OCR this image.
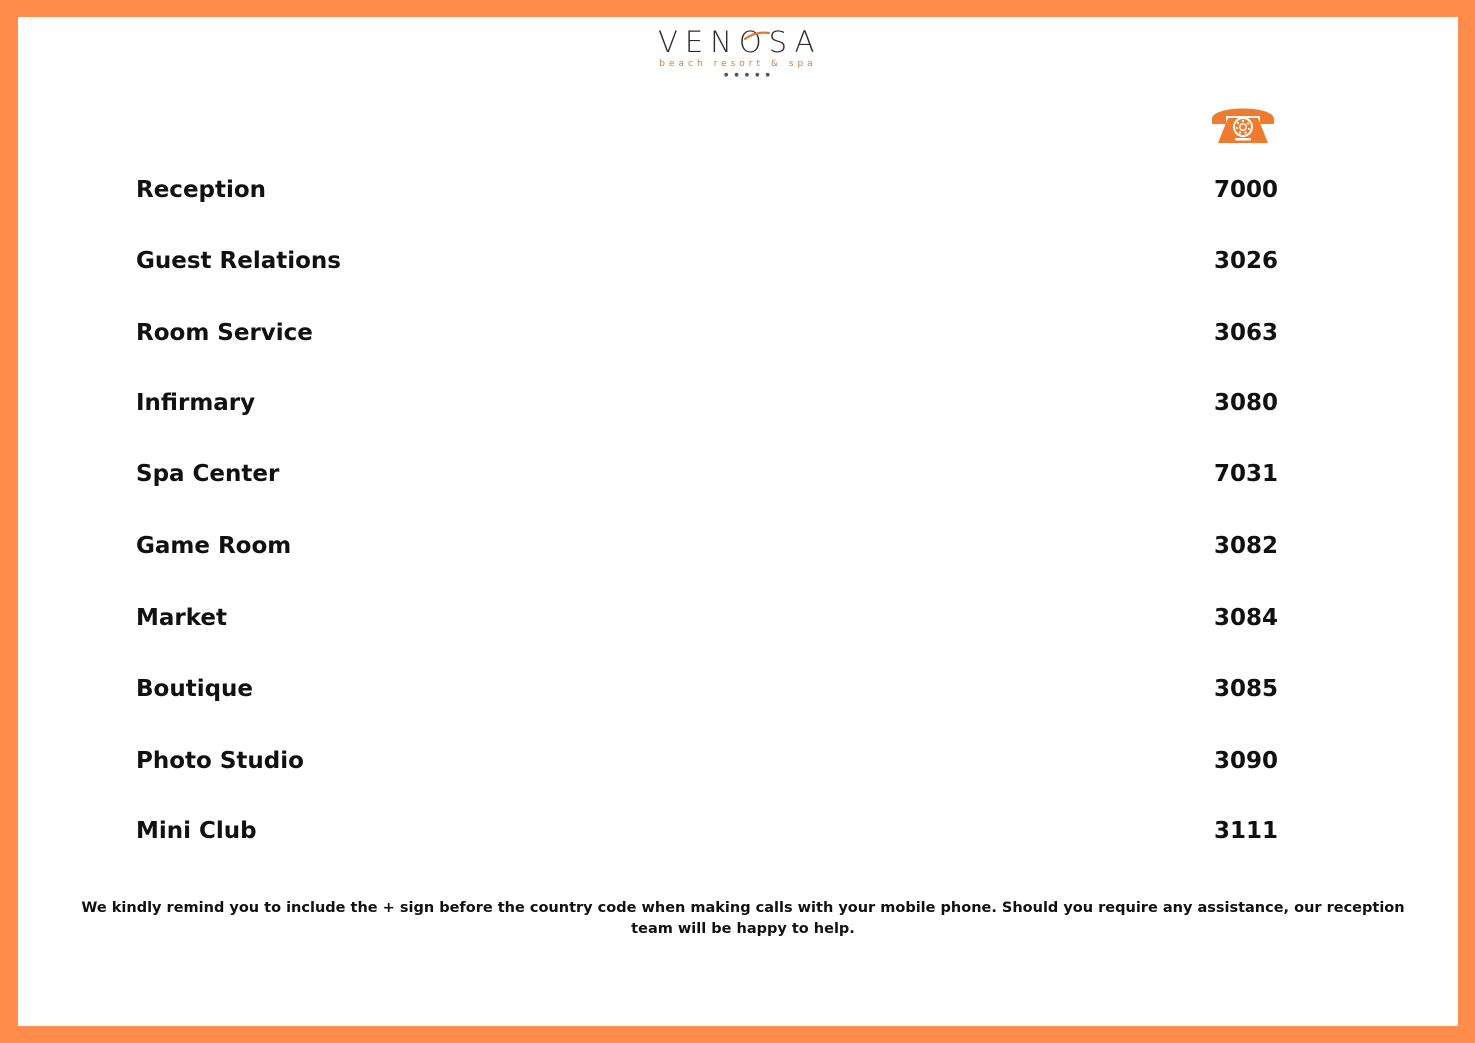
VENOSA
beach resort & spa
●●●●●
Reception	7000
Guest Relations	3026
Room Service	3063
Infirmary	3080
Spa Center	7031
Game Room	3082
Market	3084
Boutique	3085
Photo Studio	3090
Mini Club	3111
We kindly remind you to include the + sign before the country code when making calls with your mobile phone. Should you require any assistance, our reception team will be happy to help.
